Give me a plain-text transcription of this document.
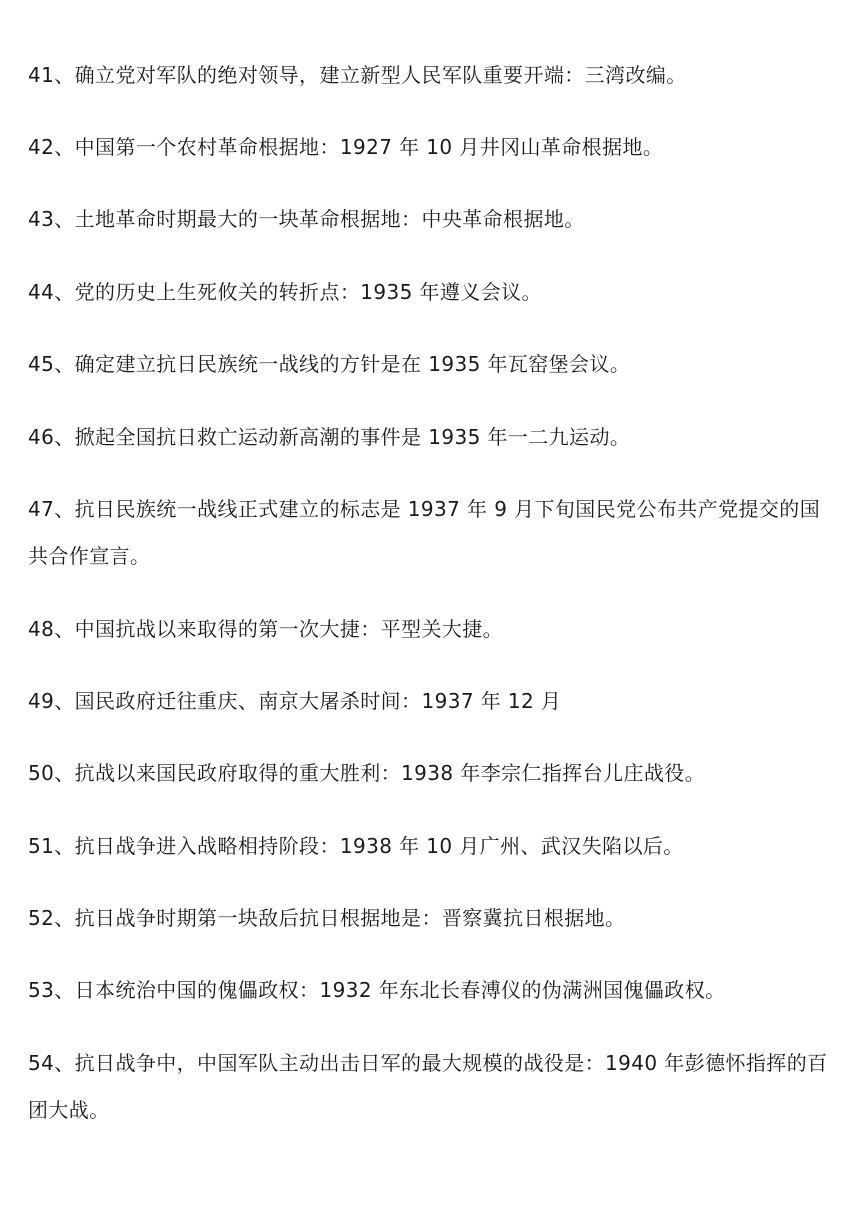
41、确立党对军队的绝对领导，建立新型人民军队重要开端：三湾改编。
42、中国第一个农村革命根据地：1927 年 10 月井冈山革命根据地。
43、土地革命时期最大的一块革命根据地：中央革命根据地。
44、党的历史上生死攸关的转折点：1935 年遵义会议。
45、确定建立抗日民族统一战线的方针是在 1935 年瓦窑堡会议。
46、掀起全国抗日救亡运动新高潮的事件是 1935 年一二九运动。
47、抗日民族统一战线正式建立的标志是 1937 年 9 月下旬国民党公布共产党提交的国共合作宣言。
48、中国抗战以来取得的第一次大捷：平型关大捷。
49、国民政府迁往重庆、南京大屠杀时间：1937 年 12 月
50、抗战以来国民政府取得的重大胜利：1938 年李宗仁指挥台儿庄战役。
51、抗日战争进入战略相持阶段：1938 年 10 月广州、武汉失陷以后。
52、抗日战争时期第一块敌后抗日根据地是：晋察冀抗日根据地。
53、日本统治中国的傀儡政权：1932 年东北长春溥仪的伪满洲国傀儡政权。
54、抗日战争中，中国军队主动出击日军的最大规模的战役是：1940 年彭德怀指挥的百团大战。
